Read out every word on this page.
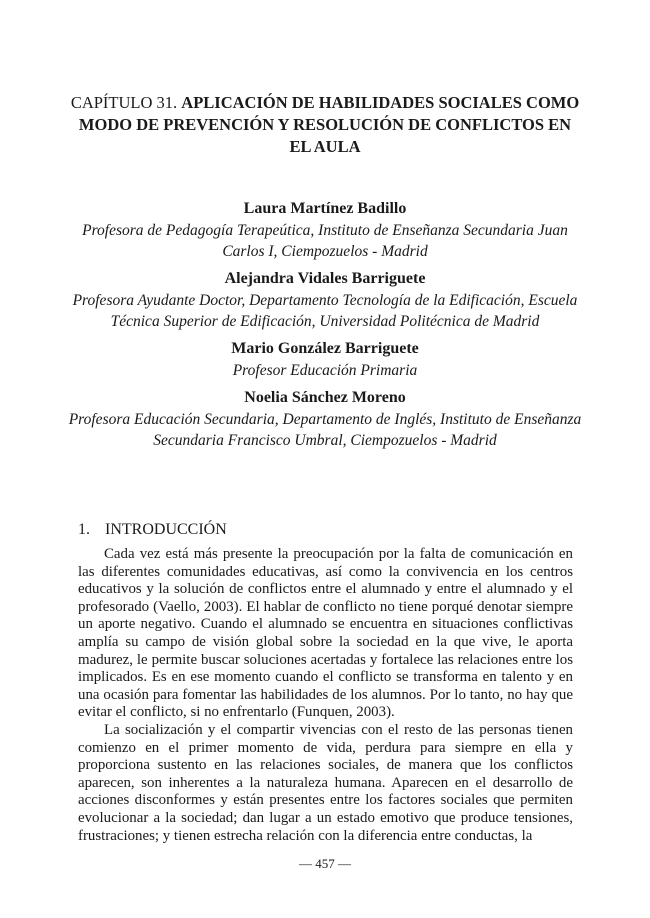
CAPÍTULO 31. APLICACIÓN DE HABILIDADES SOCIALES COMO MODO DE PREVENCIÓN Y RESOLUCIÓN DE CONFLICTOS EN EL AULA

Laura Martínez Badillo

Profesora de Pedagogía Terapeútica, Instituto de Enseñanza Secundaria Juan Carlos I, Ciempozuelos - Madrid

Alejandra Vidales Barriguete

Profesora Ayudante Doctor, Departamento Tecnología de la Edificación, Escuela Técnica Superior de Edificación, Universidad Politécnica de Madrid

Mario González Barriguete

Profesor Educación Primaria

Noelia Sánchez Moreno

Profesora Educación Secundaria, Departamento de Inglés, Instituto de Enseñanza Secundaria Francisco Umbral, Ciempozuelos - Madrid

1. INTRODUCCIÓN

Cada vez está más presente la preocupación por la falta de comunicación en las diferentes comunidades educativas, así como la convivencia en los centros educativos y la solución de conflictos entre el alumnado y entre el alumnado y el profesorado (Vaello, 2003). El hablar de conflicto no tiene porqué denotar siempre un aporte negativo. Cuando el alumnado se encuentra en situaciones conflictivas amplía su campo de visión global sobre la sociedad en la que vive, le aporta madurez, le permite buscar soluciones acertadas y fortalece las relaciones entre los implicados. Es en ese momento cuando el conflicto se transforma en talento y en una ocasión para fomentar las habilidades de los alumnos. Por lo tanto, no hay que evitar el conflicto, si no enfrentarlo (Funquen, 2003).

La socialización y el compartir vivencias con el resto de las personas tienen comienzo en el primer momento de vida, perdura para siempre en ella y proporciona sustento en las relaciones sociales, de manera que los conflictos aparecen, son inherentes a la naturaleza humana. Aparecen en el desarrollo de acciones disconformes y están presentes entre los factores sociales que permiten evolucionar a la sociedad; dan lugar a un estado emotivo que produce tensiones, frustraciones; y tienen estrecha relación con la diferencia entre conductas, la

— 457 —
